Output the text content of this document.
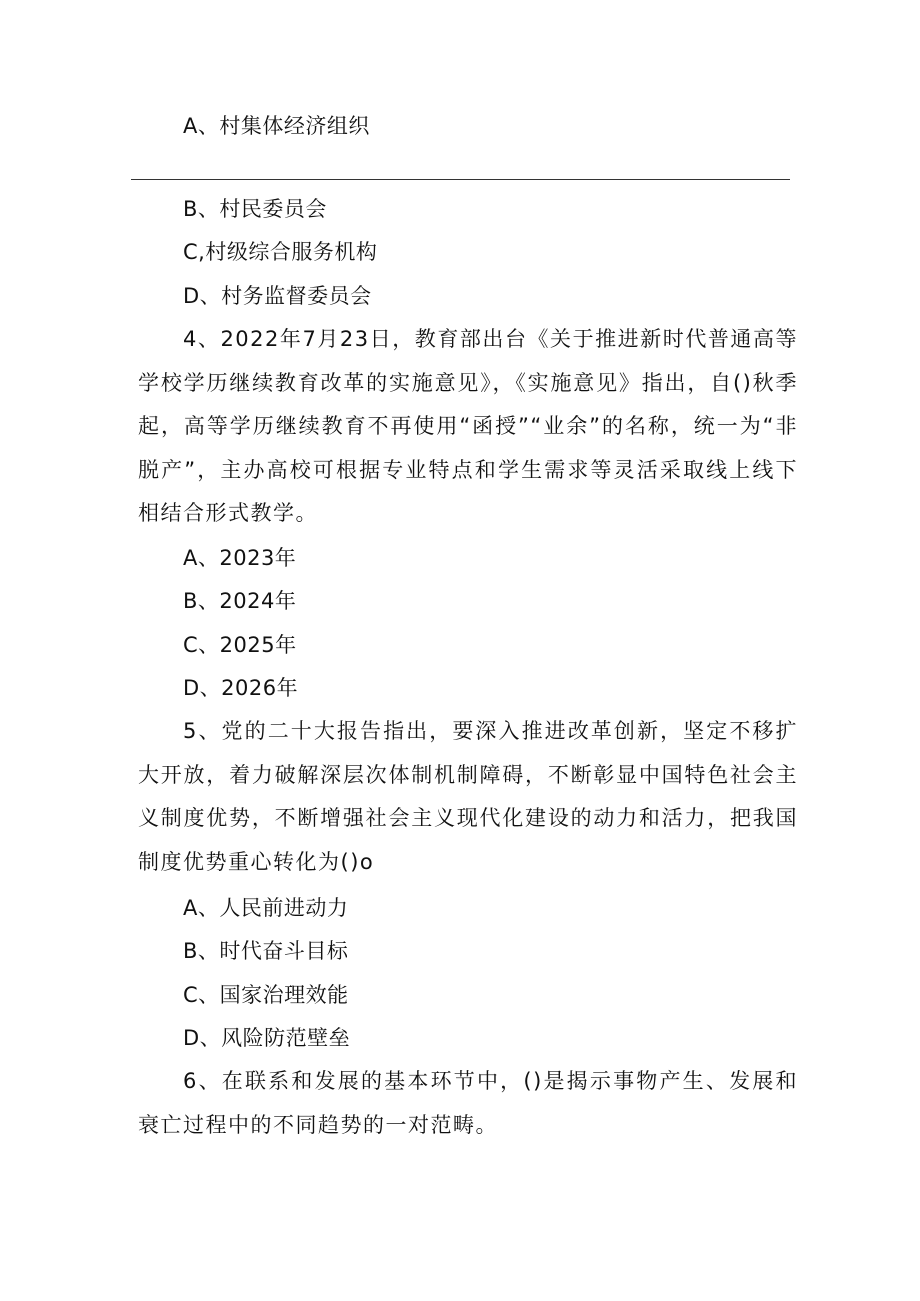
A、村集体经济组织
B、村民委员会
C,村级综合服务机构
D、村务监督委员会
4、2022年7月23日，教育部出台《关于推进新时代普通高等学校学历继续教育改革的实施意见》，《实施意见》指出，自()秋季起，高等学历继续教育不再使用“函授”“业余”的名称，统一为“非脱产”，主办高校可根据专业特点和学生需求等灵活采取线上线下相结合形式教学。
A、2023年
B、2024年
C、2025年
D、2026年
5、党的二十大报告指出，要深入推进改革创新，坚定不移扩大开放，着力破解深层次体制机制障碍，不断彰显中国特色社会主义制度优势，不断增强社会主义现代化建设的动力和活力，把我国制度优势重心转化为()o
A、人民前进动力
B、时代奋斗目标
C、国家治理效能
D、风险防范壁垒
6、在联系和发展的基本环节中，()是揭示事物产生、发展和衰亡过程中的不同趋势的一对范畴。
